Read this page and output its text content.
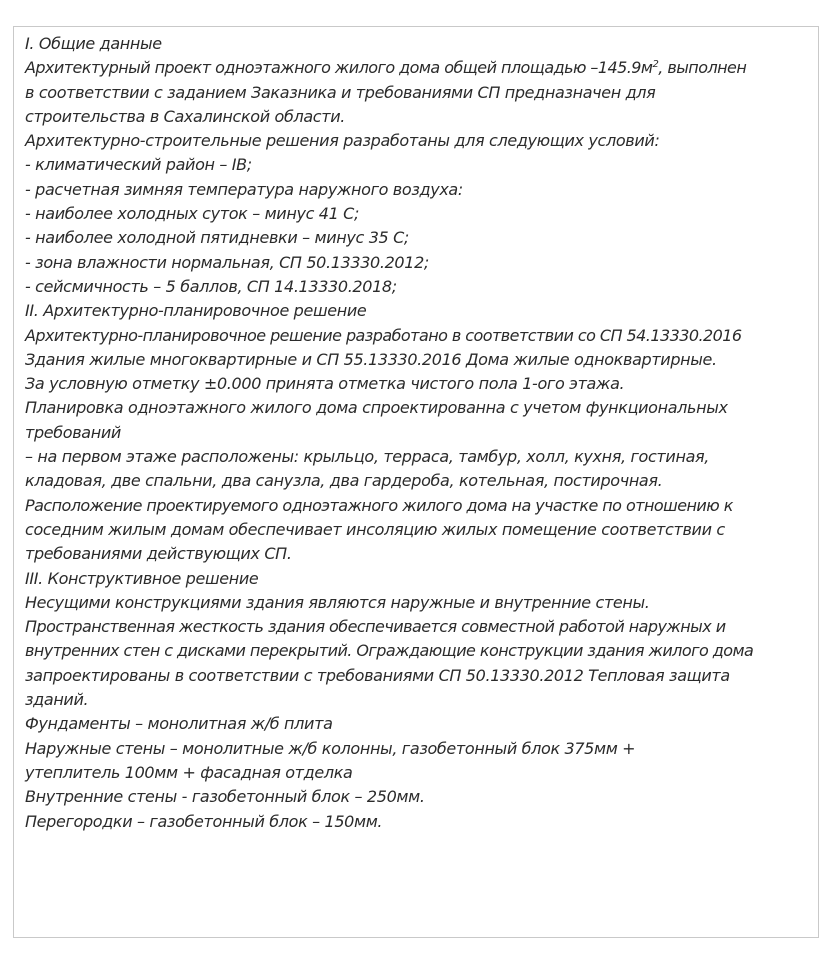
I. Общие данные

Архитектурный проект одноэтажного жилого дома общей площадью $-145.9м^2$, выполнен

в соответствии с заданием Заказника и требованиями СП предназначен для

строительства в Сахалинской области.

Архитектурно-строительные решения разработаны для следующих условий:

- климатический район – IВ;

- расчетная зимняя температура наружного воздуха:

- наиболее холодных суток – минус 41 С;

- наиболее холодной пятидневки – минус 35 С;

- зона влажности нормальная, СП 50.13330.2012;

- сейсмичность – 5 баллов, СП 14.13330.2018;

II. Архитектурно-планировочное решение

Архитектурно-планировочное решение разработано в соответствии со СП 54.13330.2016

Здания жилые многоквартирные и СП 55.13330.2016 Дома жилые одноквартирные.

За условную отметку ±0.000 принята отметка чистого пола 1-ого этажа.

Планировка одноэтажного жилого дома спроектированна с учетом функциональных

требований

– на первом этаже расположены: крыльцо, терраса, тамбур, холл, кухня, гостиная,

кладовая, две спальни, два санузла, два гардероба, котельная, постирочная.

Расположение проектируемого одноэтажного жилого дома на участке по отношению к

соседним жилым домам обеспечивает инсоляцию жилых помещение соответствии с

требованиями действующих СП.

III. Конструктивное решение

Несущими конструкциями здания являются наружные и внутренние стены.

Пространственная жесткость здания обеспечивается совместной работой наружных и

внутренних стен с дисками перекрытий. Ограждающие конструкции здания жилого дома

запроектированы в соответствии с требованиями СП 50.13330.2012 Тепловая защита

зданий.

Фундаменты – монолитная ж/б плита

Наружные стены – монолитные ж/б колонны, газобетонный блок 375мм +

утеплитель 100мм + фасадная отделка

Внутренние стены - газобетонный блок – 250мм.

Перегородки – газобетонный блок – 150мм.
